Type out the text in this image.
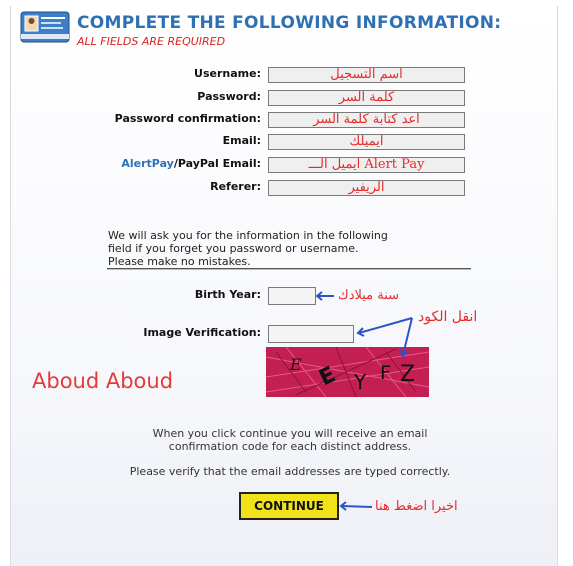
COMPLETE THE FOLLOWING INFORMATION:
ALL FIELDS ARE REQUIRED
Username:	اسم التسجيل
Password:	كلمة السر
Password confirmation:	اعد كتابة كلمة السر
Email:	ايميلك
AlertPay/PayPal Email:	ايميل الـــ Alert Pay
Referer:	الريفير
We will ask you for the information in the following
field if you forget you password or username.
Please make no mistakes.
Birth Year:	سنة ميلادك
Image Verification:
انقل الكود
E E Y F Z
Aboud Aboud
When you click continue you will receive an email
confirmation code for each distinct address.
Please verify that the email addresses are typed correctly.
CONTINUE	اخيرا اضغط هنا
